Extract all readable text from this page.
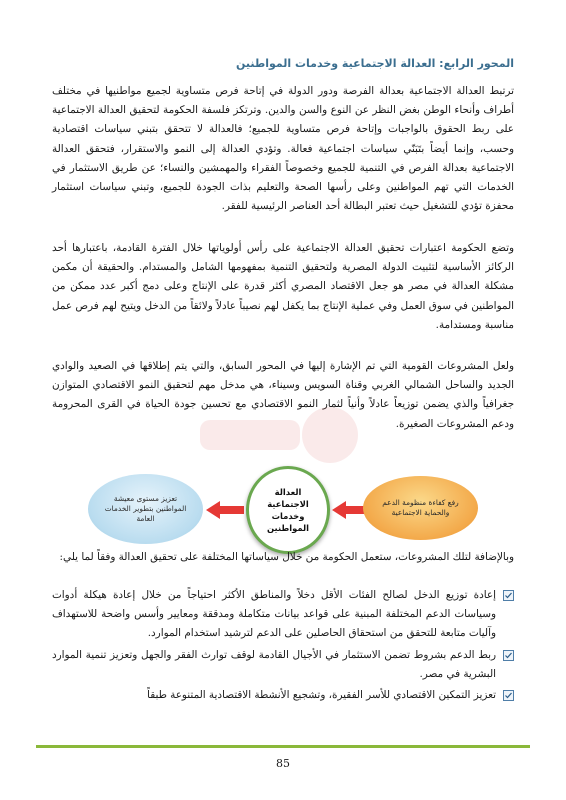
المحور الرابع: العدالة الاجتماعية وخدمات المواطنين

ترتبط العدالة الاجتماعية بعدالة الفرصة ودور الدولة في إتاحة فرص متساوية لجميع مواطنيها في مختلف أطراف وأنحاء الوطن بغض النظر عن النوع والسن والدين. وترتكز فلسفة الحكومة لتحقيق العدالة الاجتماعية على ربط الحقوق بالواجبات وإتاحة فرص متساوية للجميع؛ فالعدالة لا تتحقق بتبني سياسات اقتصادية وحسب، وإنما أيضاً بتَبَنّي سياسات اجتماعية فعالة. وتؤدي العدالة إلى النمو والاستقرار، فتحقق العدالة الاجتماعية بعدالة الفرص في التنمية للجميع وخصوصاً الفقراء والمهمشين والنساء؛ عن طريق الاستثمار في الخدمات التي تهم المواطنين وعلى رأسها الصحة والتعليم بذات الجودة للجميع، وتبني سياسات استثمار محفزة تؤدي للتشغيل حيث تعتبر البطالة أحد العناصر الرئيسية للفقر.

وتضع الحكومة اعتبارات تحقيق العدالة الاجتماعية على رأس أولوياتها خلال الفترة القادمة، باعتبارها أحد الركائز الأساسية لتثبيت الدولة المصرية ولتحقيق التنمية بمفهومها الشامل والمستدام. والحقيقة أن مكمن مشكلة العدالة في مصر هو جعل الاقتصاد المصري أكثر قدرة على الإنتاج وعلى دمج أكبر عدد ممكن من المواطنين في سوق العمل وفي عملية الإنتاج بما يكفل لهم نصيباً عادلاً ولائقاً من الدخل ويتيح لهم فرص عمل مناسبة ومستدامة.

ولعل المشروعات القومية التي تم الإشارة إليها في المحور السابق، والتي يتم إطلاقها في الصعيد والوادي الجديد والساحل الشمالي الغربي وقناة السويس وسيناء، هي مدخل مهم لتحقيق النمو الاقتصادي المتوازن جغرافياً والذي يضمن توزيعاً عادلاً وأنياً لثمار النمو الاقتصادي مع تحسين جودة الحياة في القرى المحرومة ودعم المشروعات الصغيرة.

تعزيز مستوى معيشة المواطنين بتطوير الخدمات العامة
العدالة الاجتماعية وخدمات المواطنين
رفع كفاءة منظومة الدعم والحماية الاجتماعية

وبالإضافة لتلك المشروعات، ستعمل الحكومة من خلال سياساتها المختلفة على تحقيق العدالة وفقاً لما يلي:

إعادة توزيع الدخل لصالح الفئات الأقل دخلاً والمناطق الأكثر احتياجاً من خلال إعادة هيكلة أدوات وسياسات الدعم المختلفة المبنية على قواعد بيانات متكاملة ومدققة ومعايير وأسس واضحة للاستهداف وآليات متابعة للتحقق من استحقاق الحاصلين على الدعم لترشيد استخدام الموارد.
ربط الدعم بشروط تضمن الاستثمار في الأجيال القادمة لوقف توارث الفقر والجهل وتعزيز تنمية الموارد البشرية في مصر.
تعزيز التمكين الاقتصادي للأسر الفقيرة، وتشجيع الأنشطة الاقتصادية المتنوعة طبقاً
85
